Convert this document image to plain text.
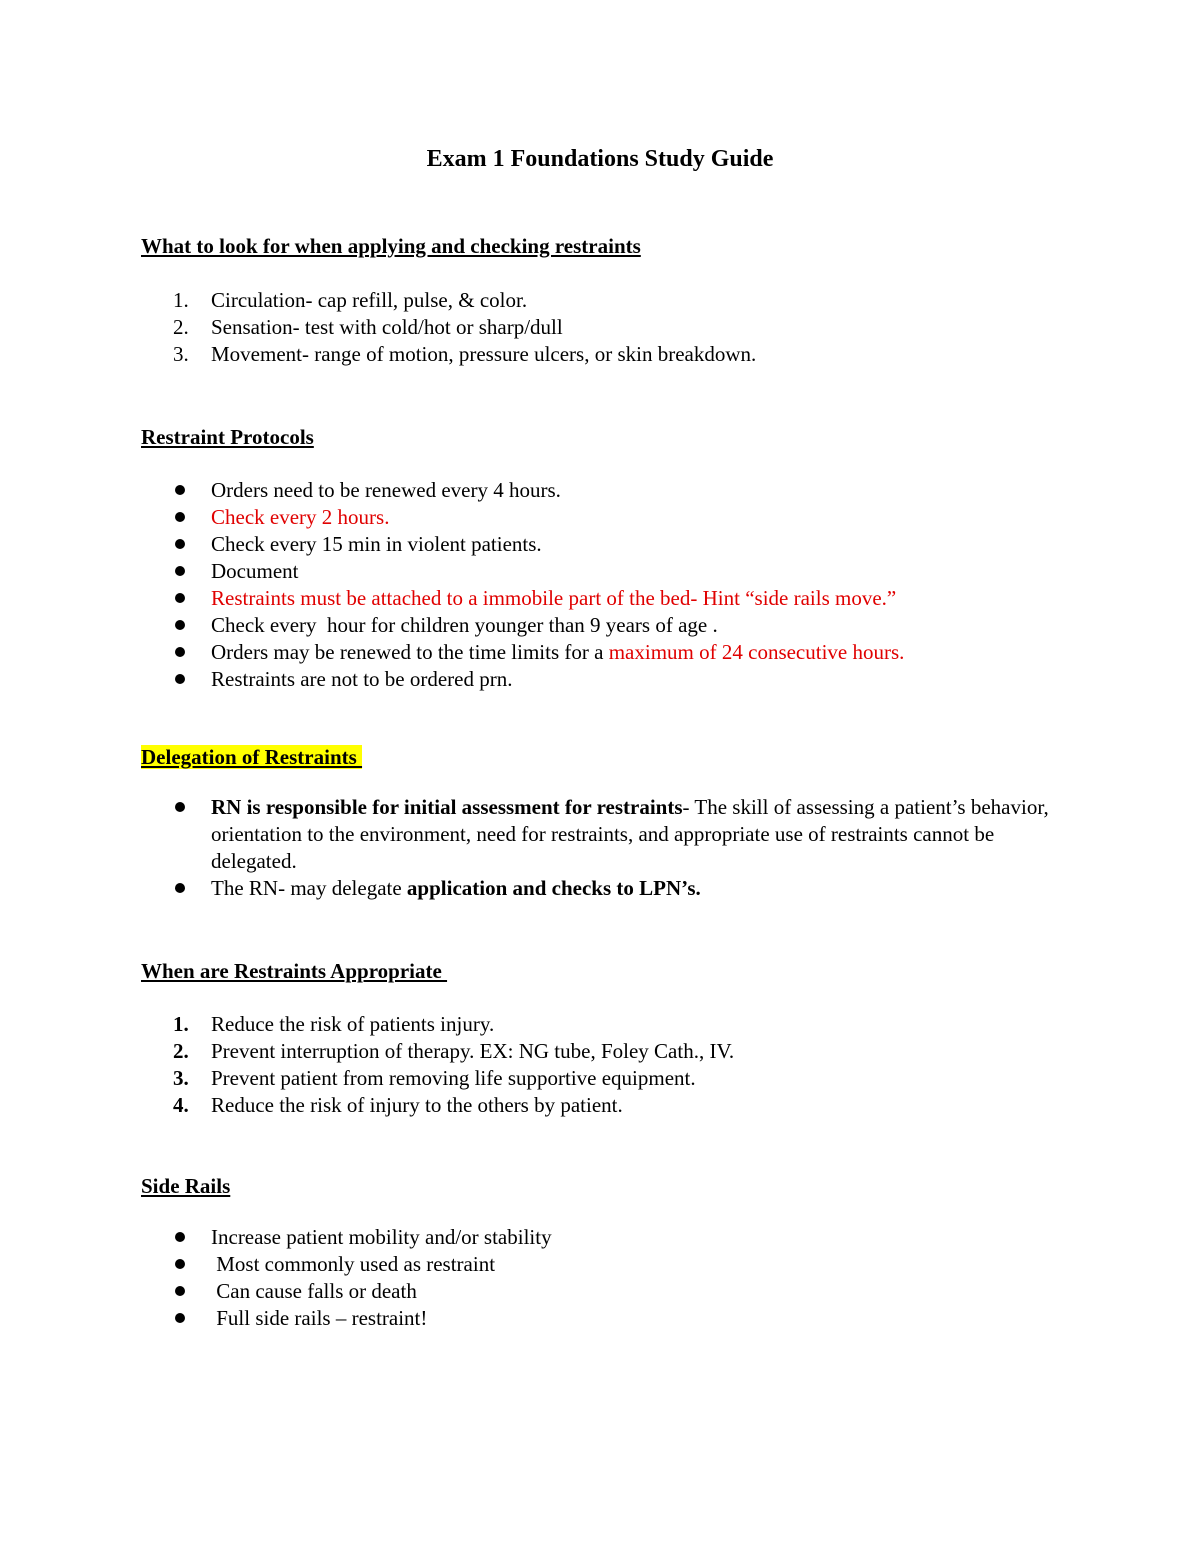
Exam 1 Foundations Study Guide
What to look for when applying and checking restraints
1. Circulation- cap refill, pulse, & color.
2. Sensation- test with cold/hot or sharp/dull
3. Movement- range of motion, pressure ulcers, or skin breakdown.
Restraint Protocols
Orders need to be renewed every 4 hours.
Check every 2 hours.
Check every 15 min in violent patients.
Document
Restraints must be attached to a immobile part of the bed- Hint “side rails move.”
Check every  hour for children younger than 9 years of age .
Orders may be renewed to the time limits for a maximum of 24 consecutive hours.
Restraints are not to be ordered prn.
Delegation of Restraints
RN is responsible for initial assessment for restraints- The skill of assessing a patient’s behavior, orientation to the environment, need for restraints, and appropriate use of restraints cannot be delegated.
The RN- may delegate application and checks to LPN’s.
When are Restraints Appropriate
1. Reduce the risk of patients injury.
2. Prevent interruption of therapy. EX: NG tube, Foley Cath., IV.
3. Prevent patient from removing life supportive equipment.
4. Reduce the risk of injury to the others by patient.
Side Rails
Increase patient mobility and/or stability
Most commonly used as restraint
Can cause falls or death
Full side rails – restraint!
